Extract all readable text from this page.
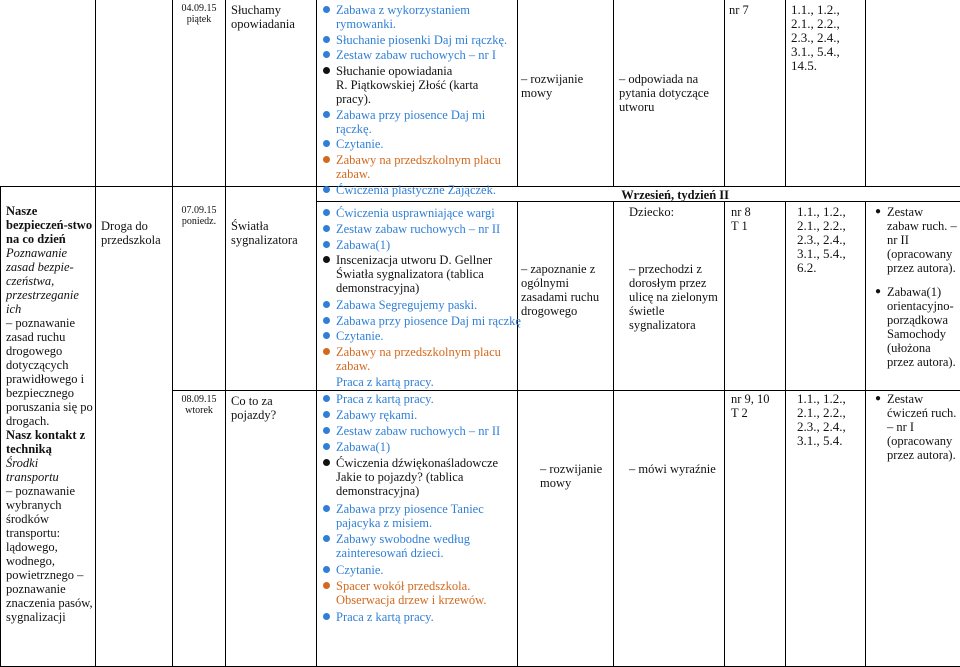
04.09.15
piątek
Słuchamy opowiadania
Zabawa z wykorzystaniem
rymowanki.
Słuchanie piosenki Daj mi rączkę.
Zestaw zabaw ruchowych – nr I
Słuchanie opowiadania
R. Piątkowskiej Złość (karta pracy).
Zabawa przy piosence Daj mi
rączkę.
Czytanie.
Zabawy na przedszkolnym placu
zabaw.
Ćwiczenia plastyczne Zajączek.
– rozwijanie mowy
– odpowiada na pytania dotyczące utworu
nr 7	1.1., 1.2., 2.1., 2.2., 2.3., 2.4., 3.1., 5.4., 14.5.
Wrzesień, tydzień II
Nasze bezpieczeń-stwo na co dzień
Poznawanie zasad bezpie-czeństwa, przestrzeganie ich
– poznawanie zasad ruchu drogowego dotyczących prawidłowego i bezpiecznego poruszania się po drogach.
Nasz kontakt z techniką
Środki transportu
– poznawanie wybranych środków transportu: lądowego, wodnego, powietrznego – poznawanie znaczenia pasów, sygnalizacji
Droga do przedszkola
07.09.15
poniedz.	Światła sygnalizatora
Ćwiczenia usprawniające wargi
Zestaw zabaw ruchowych – nr II
Zabawa(1)
Inscenizacja utworu D. Gellner
Światła sygnalizatora (tablica demonstracyjna)
Zabawa Segregujemy paski.
Zabawa przy piosence Daj mi rączkę
Czytanie.
Zabawy na przedszkolnym placu
zabaw.
Praca z kartą pracy.
– zapoznanie z ogólnymi zasadami ruchu drogowego
Dziecko:
– przechodzi z dorosłym przez ulicę na zielonym świetle sygnalizatora
nr 8
T 1
1.1., 1.2., 2.1., 2.2., 2.3., 2.4., 3.1., 5.4., 6.2.
● Zestaw zabaw ruch. – nr II (opracowany przez autora).
● Zabawa(1) orientacyjno-porządkowa Samochody (ułożona przez autora).
08.09.15
wtorek
Co to za pojazdy?
Praca z kartą pracy.
Zabawy rękami.
Zestaw zabaw ruchowych – nr II
Zabawa(1)
Ćwiczenia dźwiękonaśladowcze
Jakie to pojazdy? (tablica demonstracyjna)
Zabawa przy piosence Taniec
pajacyka z misiem.
Zabawy swobodne według
zainteresowań dzieci.
Czytanie.
Spacer wokół przedszkola.
Obserwacja drzew i krzewów.
Praca z kartą pracy.
– rozwijanie mowy
– mówi wyraźnie
nr 9, 10
T 2
1.1., 1.2., 2.1., 2.2., 2.3., 2.4., 3.1., 5.4.
● Zestaw ćwiczeń ruch. – nr I (opracowany przez autora).
